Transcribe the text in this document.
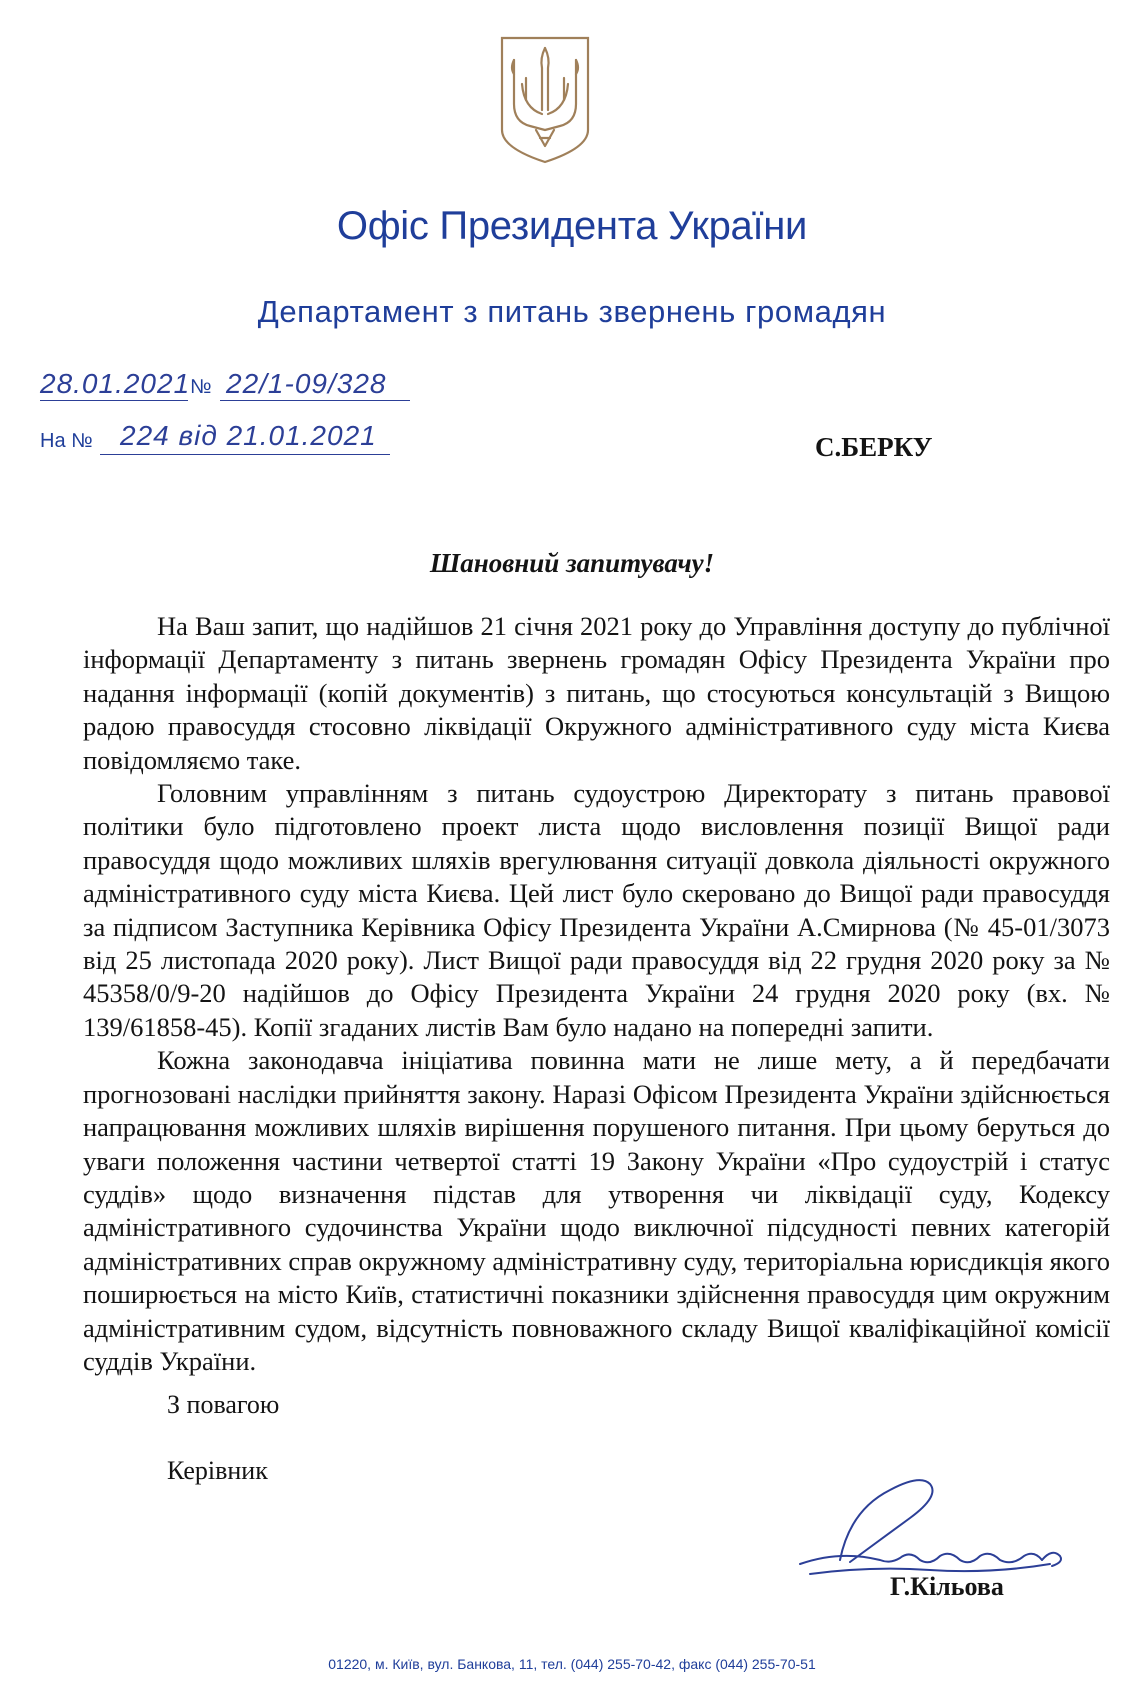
Офіс Президента України
Департамент з питань звернень громадян
28.01.2021 № 22/1-09/328
На № 224 від 21.01.2021	С.БЕРКУ
Шановний запитувачу!

На Ваш запит, що надійшов 21 січня 2021 року до Управління доступу до публічної інформації Департаменту з питань звернень громадян Офісу Президента України про надання інформації (копій документів) з питань, що стосуються консультацій з Вищою радою правосуддя стосовно ліквідації Окружного адміністративного суду міста Києва повідомляємо таке.

Головним управлінням з питань судоустрою Директорату з питань правової політики було підготовлено проект листа щодо висловлення позиції Вищої ради правосуддя щодо можливих шляхів врегулювання ситуації довкола діяльності окружного адміністративного суду міста Києва. Цей лист було скеровано до Вищої ради правосуддя за підписом Заступника Керівника Офісу Президента України А.Смирнова (№ 45-01/3073 від 25 листопада 2020 року). Лист Вищої ради правосуддя від 22 грудня 2020 року за № 45358/0/9-20 надійшов до Офісу Президента України 24 грудня 2020 року (вх. № 139/61858-45). Копії згаданих листів Вам було надано на попередні запити.

Кожна законодавча ініціатива повинна мати не лише мету, а й передбачати прогнозовані наслідки прийняття закону. Наразі Офісом Президента України здійснюється напрацювання можливих шляхів вирішення порушеного питання. При цьому беруться до уваги положення частини четвертої статті 19 Закону України «Про судоустрій і статус суддів» щодо визначення підстав для утворення чи ліквідації суду, Кодексу адміністративного судочинства України щодо виключної підсудності певних категорій адміністративних справ окружному адміністративну суду, територіальна юрисдикція якого поширюється на місто Київ, статистичні показники здійснення правосуддя цим окружним адміністративним судом, відсутність повноважного складу Вищої кваліфікаційної комісії суддів України.

З повагою
Керівник
Г.Кільова
01220, м. Київ, вул. Банкова, 11, тел. (044) 255-70-42, факс (044) 255-70-51
